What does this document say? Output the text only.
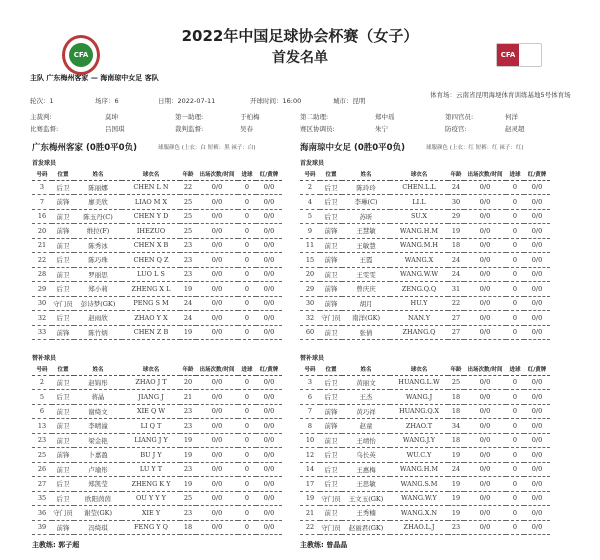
CFA
2022年中国足球协会杯赛（女子）
首发名单	CFA
主队 广东梅州客家 — 海南琼中女足 客队
轮次：1	场序：6	日期：2022-07-11	开球时间：16:00	城市：昆明
体育场：云南省昆明海埂体育训练基地5号体育场
主裁判:	莫坤	第一助理:	于柏梅	第二助理:	郑中瑶	第四官员:	何洋
比赛监督:	吕国琪	裁判监督:	吴春	赛区协调员:	朱宁	防疫官:	赵灵超
广东梅州客家 (0胜0平0负)	球服颜色 (上衣：白 短裤：黑 袜子：白)
首发球员
号码	位置	姓名	球衣名	年龄	出场次数/时间	进球	红/黄牌
3	后卫	陈丽娜	CHEN L N	22	0/0	0	0/0
7	前锋	廖美欣	LIAO M X	25	0/0	0	0/0
16	前卫	陈玉丹(C)	CHEN Y D	25	0/0	0	0/0
20	前锋	维拉(F)	IHEZUO	25	0/0	0	0/0
21	前卫	陈秀冰	CHEN X B	23	0/0	0	0/0
22	后卫	陈巧珠	CHEN Q Z	23	0/0	0	0/0
28	前卫	罗丽思	LUO L S	23	0/0	0	0/0
29	后卫	郑小莉	ZHENG X L	19	0/0	0	0/0
30	守门员	彭诗梦(GK)	PENG S M	24	0/0	0	0/0
32	后卫	赵雨欣	ZHAO Y X	24	0/0	0	0/0
33	前锋	陈竹炳	CHEN Z B	19	0/0	0	0/0
替补球员
号码	位置	姓名	球衣名	年龄	出场次数/时间	进球	红/黄牌
2	前卫	赵锦彤	ZHAO J T	20	0/0	0	0/0
5	后卫	蒋晶	JIANG J	21	0/0	0	0/0
6	前卫	谢绮文	XIE Q W	23	0/0	0	0/0
13	前卫	李晴潼	LI Q T	23	0/0	0	0/0
23	前卫	梁金艳	LIANG J Y	19	0/0	0	0/0
25	前锋	卜嘉盈	BU J Y	19	0/0	0	0/0
26	前卫	卢瑜彤	LU Y T	23	0/0	0	0/0
27	后卫	郑凯莹	ZHENG K Y	19	0/0	0	0/0
35	后卫	欧阳茵茵	OU Y Y Y	25	0/0	0	0/0
36	守门员	谢莹(GK)	XIE Y	23	0/0	0	0/0
39	前锋	冯绮琪	FENG Y Q	18	0/0	0	0/0
主教练: 郭子超
海南琼中女足 (0胜0平0负)	球服颜色 (上衣：红 短裤：红 袜子：红)
首发球员
号码	位置	姓名	球衣名	年龄	出场次数/时间	进球	红/黄牌
2	后卫	陈玲玲	CHEN.L.L	24	0/0	0	0/0
4	后卫	李琳(C)	LI.L	30	0/0	0	0/0
5	后卫	苏昕	SU.X	29	0/0	0	0/0
9	前锋	王慧敏	WANG.H.M	19	0/0	0	0/0
11	前卫	王敏慧	WANG.M.H	18	0/0	0	0/0
15	前锋	王霞	WANG.X	24	0/0	0	0/0
20	前卫	王雯雯	WANG.W.W	24	0/0	0	0/0
29	前锋	曾庆庆	ZENG.Q.Q	31	0/0	0	0/0
30	前锋	胡月	HU.Y	22	0/0	0	0/0
32	守门员	南洋(GK)	NAN.Y	27	0/0	0	0/0
60	前卫	张倩	ZHANG.Q	27	0/0	0	0/0
替补球员
号码	位置	姓名	球衣名	年龄	出场次数/时间	进球	红/黄牌
3	后卫	黄丽文	HUANG.L.W	25	0/0	0	0/0
6	后卫	王杰	WANG.J	18	0/0	0	0/0
7	前锋	黄巧祥	HUANG.Q.X	18	0/0	0	0/0
8	前锋	赵童	ZHAO.T	34	0/0	0	0/0
10	前卫	王靖怡	WANG.J.Y	18	0/0	0	0/0
12	后卫	乌长英	WU.C.Y	19	0/0	0	0/0
14	后卫	王惠梅	WANG.H.M	24	0/0	0	0/0
17	后卫	王思敏	WANG.S.M	19	0/0	0	0/0
19	守门员	王文玉(GK)	WANG.W.Y	19	0/0	0	0/0
21	前卫	王秀楠	WANG.X.N	19	0/0	0	0/0
22	守门员	赵丽君(GK)	ZHAO.L.J	23	0/0	0	0/0
主教练: 曾晶晶
